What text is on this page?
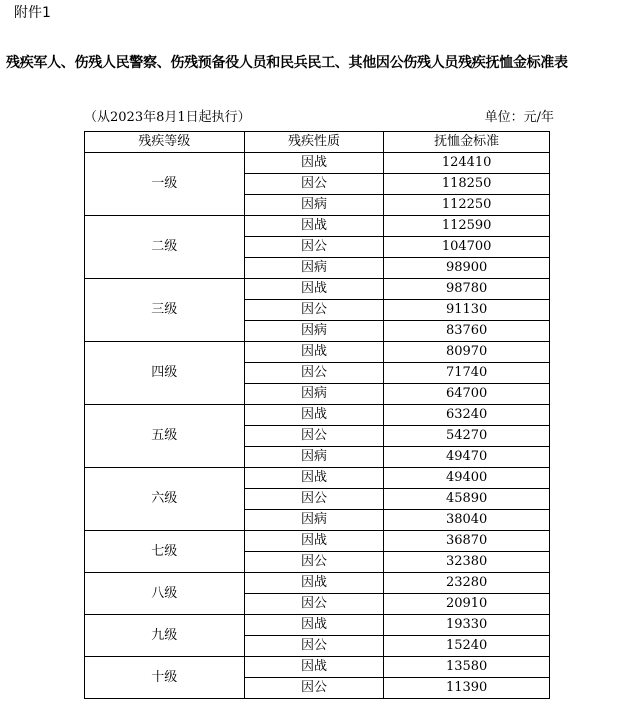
附件1
残疾军人、伤残人民警察、伤残预备役人员和民兵民工、其他因公伤残人员残疾抚恤金标准表
（从2023年8月1日起执行）	单位：元/年
残疾等级	残疾性质	抚恤金标准
一级	因战	124410
	因公	118250
	因病	112250
二级	因战	112590
	因公	104700
	因病	98900
三级	因战	98780
	因公	91130
	因病	83760
四级	因战	80970
	因公	71740
	因病	64700
五级	因战	63240
	因公	54270
	因病	49470
六级	因战	49400
	因公	45890
	因病	38040
七级	因战	36870
	因公	32380
八级	因战	23280
	因公	20910
九级	因战	19330
	因公	15240
十级	因战	13580
	因公	11390
